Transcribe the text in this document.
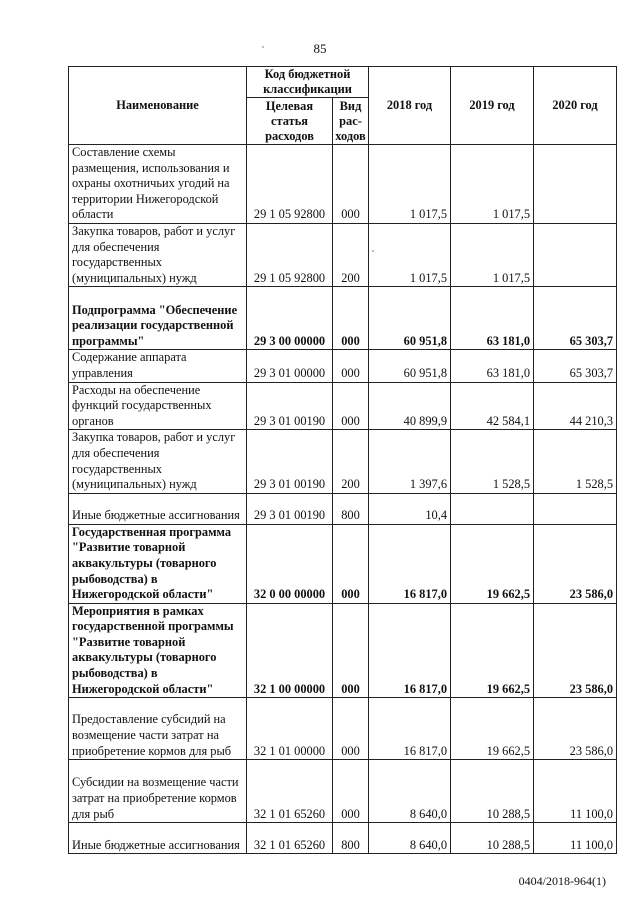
85
Наименование	Код бюджетной классификации		2018 год	2019 год	2020 год
	Целевая статья расходов	Вид рас-ходов			
Составление схемы размещения, использования и охраны охотничьих угодий на территории Нижегородской области	29 1 05 92800	000	1 017,5	1 017,5	
Закупка товаров, работ и услуг для обеспечения государственных (муниципальных) нужд	29 1 05 92800	200	1 017,5	1 017,5	
Подпрограмма "Обеспечение реализации государственной программы"	29 3 00 00000	000	60 951,8	63 181,0	65 303,7
Содержание аппарата управления	29 3 01 00000	000	60 951,8	63 181,0	65 303,7
Расходы на обеспечение функций государственных органов	29 3 01 00190	000	40 899,9	42 584,1	44 210,3
Закупка товаров, работ и услуг для обеспечения государственных (муниципальных) нужд	29 3 01 00190	200	1 397,6	1 528,5	1 528,5
Иные бюджетные ассигнования	29 3 01 00190	800	10,4		
Государственная программа "Развитие товарной аквакультуры (товарного рыбоводства) в Нижегородской области"	32 0 00 00000	000	16 817,0	19 662,5	23 586,0
Мероприятия в рамках государственной программы "Развитие товарной аквакультуры (товарного рыбоводства) в Нижегородской области"	32 1 00 00000	000	16 817,0	19 662,5	23 586,0
Предоставление субсидий на возмещение части затрат на приобретение кормов для рыб	32 1 01 00000	000	16 817,0	19 662,5	23 586,0
Субсидии на возмещение части затрат на приобретение кормов для рыб	32 1 01 65260	000	8 640,0	10 288,5	11 100,0
Иные бюджетные ассигнования	32 1 01 65260	800	8 640,0	10 288,5	11 100,0
0404/2018-964(1)
